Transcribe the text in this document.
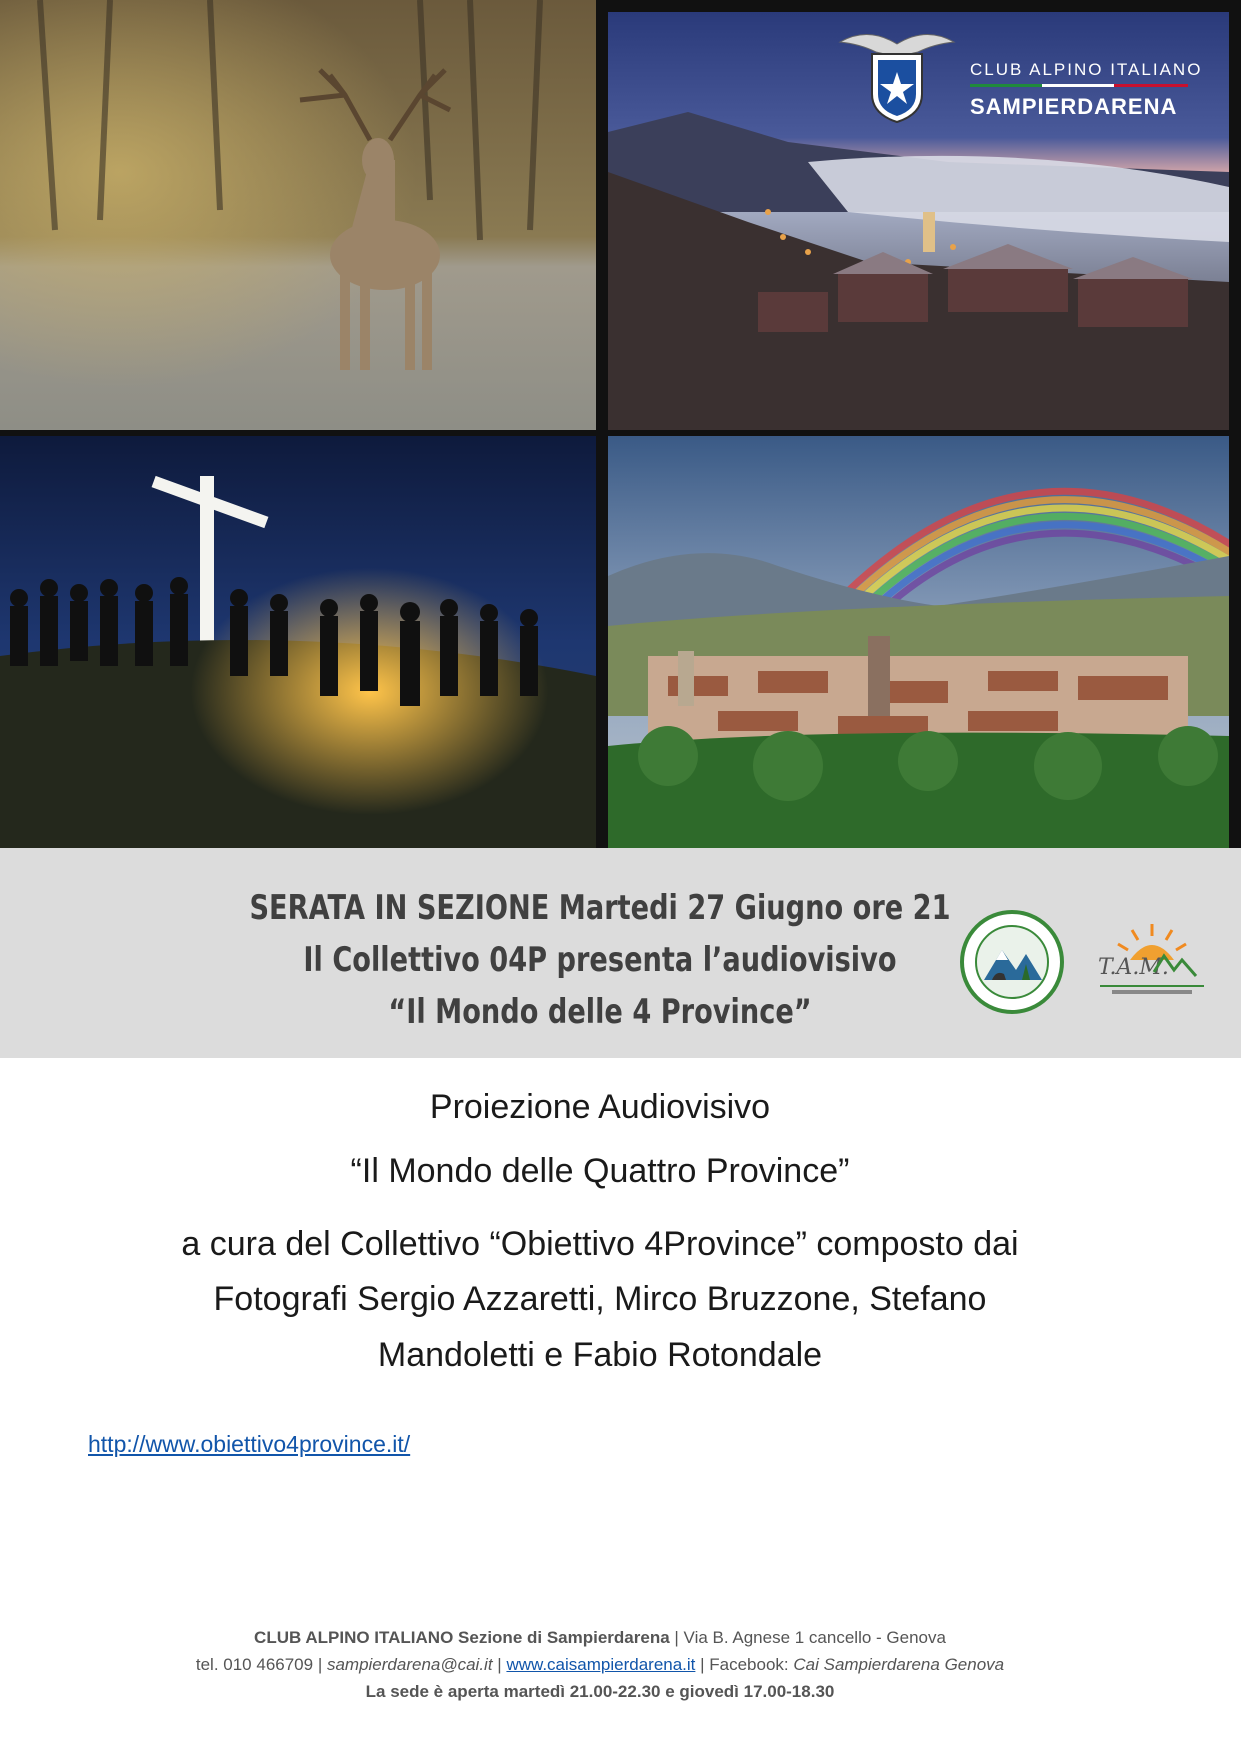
CLUB ALPINO ITALIANO
SAMPIERDARENA
SERATA IN SEZIONE Martedi 27 Giugno ore 21
Il Collettivo 04P presenta l’audiovisivo
“Il Mondo delle 4 Province”
T.A.M.
Proiezione Audiovisivo
“Il Mondo delle Quattro Province”
a cura del Collettivo “Obiettivo 4Province” composto dai
Fotografi Sergio Azzaretti, Mirco Bruzzone, Stefano
Mandoletti e Fabio Rotondale
http://www.obiettivo4province.it/
CLUB ALPINO ITALIANO Sezione di Sampierdarena | Via B. Agnese 1 cancello - Genova
tel. 010 466709 | sampierdarena@cai.it | www.caisampierdarena.it | Facebook: Cai Sampierdarena Genova
La sede è aperta martedì 21.00-22.30 e giovedì 17.00-18.30
